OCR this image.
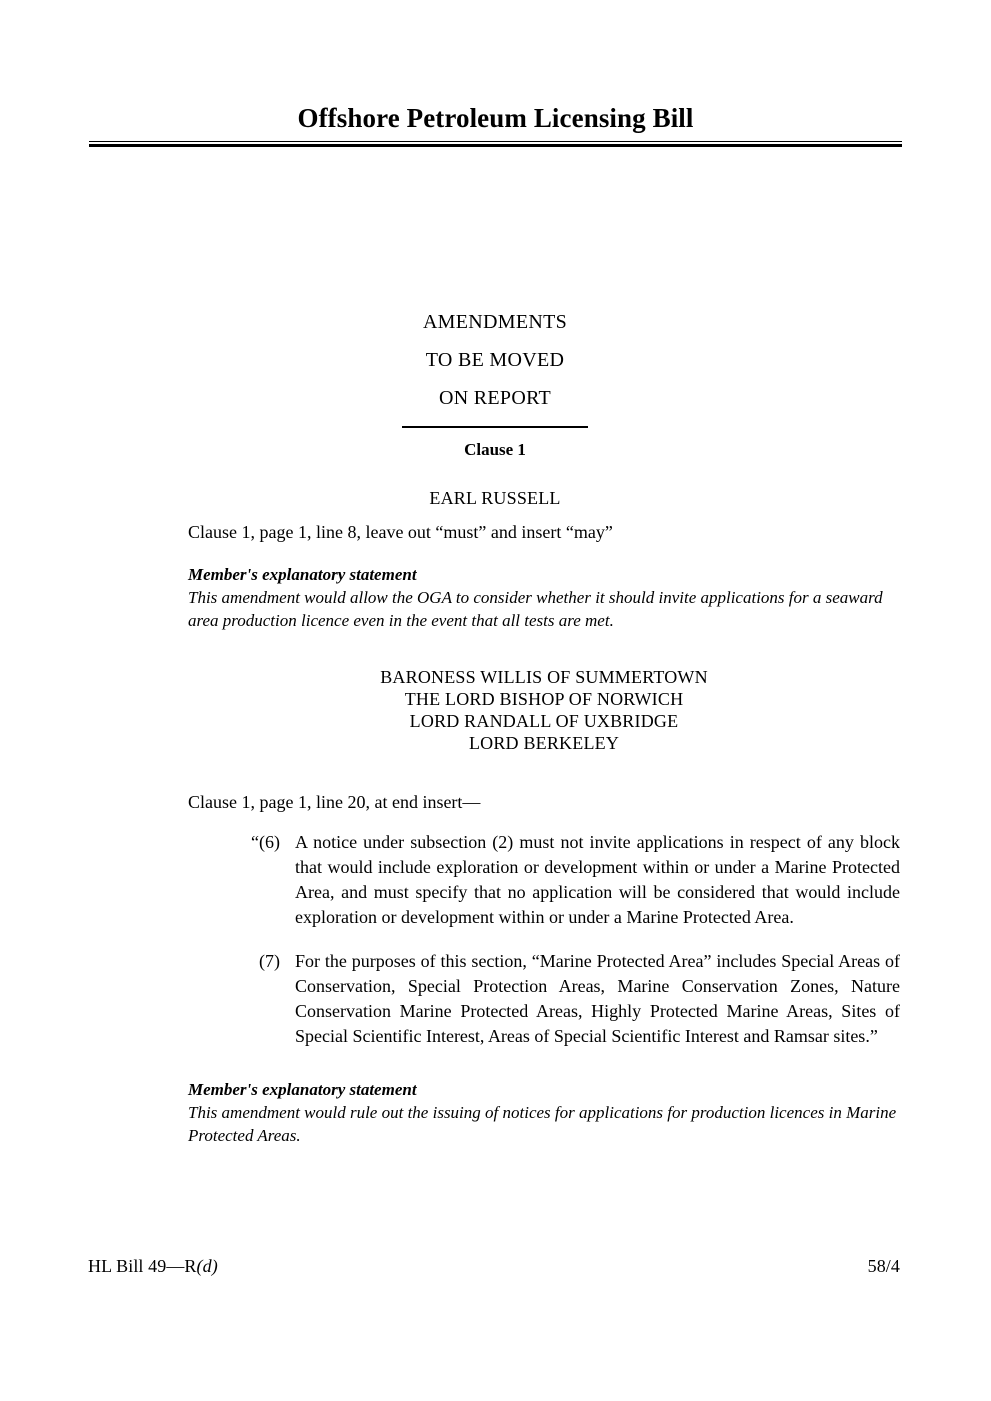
Offshore Petroleum Licensing Bill
AMENDMENTS
TO BE MOVED
ON REPORT
Clause 1
EARL RUSSELL

Clause 1, page 1, line 8, leave out “must” and insert “may”

Member's explanatory statement

This amendment would allow the OGA to consider whether it should invite applications for a seaward area production licence even in the event that all tests are met.

BARONESS WILLIS OF SUMMERTOWN
THE LORD BISHOP OF NORWICH
LORD RANDALL OF UXBRIDGE
LORD BERKELEY

Clause 1, page 1, line 20, at end insert—

“(6) A notice under subsection (2) must not invite applications in respect of any block that would include exploration or development within or under a Marine Protected Area, and must specify that no application will be considered that would include exploration or development within or under a Marine Protected Area.
(7) For the purposes of this section, “Marine Protected Area” includes Special Areas of Conservation, Special Protection Areas, Marine Conservation Zones, Nature Conservation Marine Protected Areas, Highly Protected Marine Areas, Sites of Special Scientific Interest, Areas of Special Scientific Interest and Ramsar sites.”

Member's explanatory statement

This amendment would rule out the issuing of notices for applications for production licences in Marine Protected Areas.

HL Bill 49—R(d)	58/4
